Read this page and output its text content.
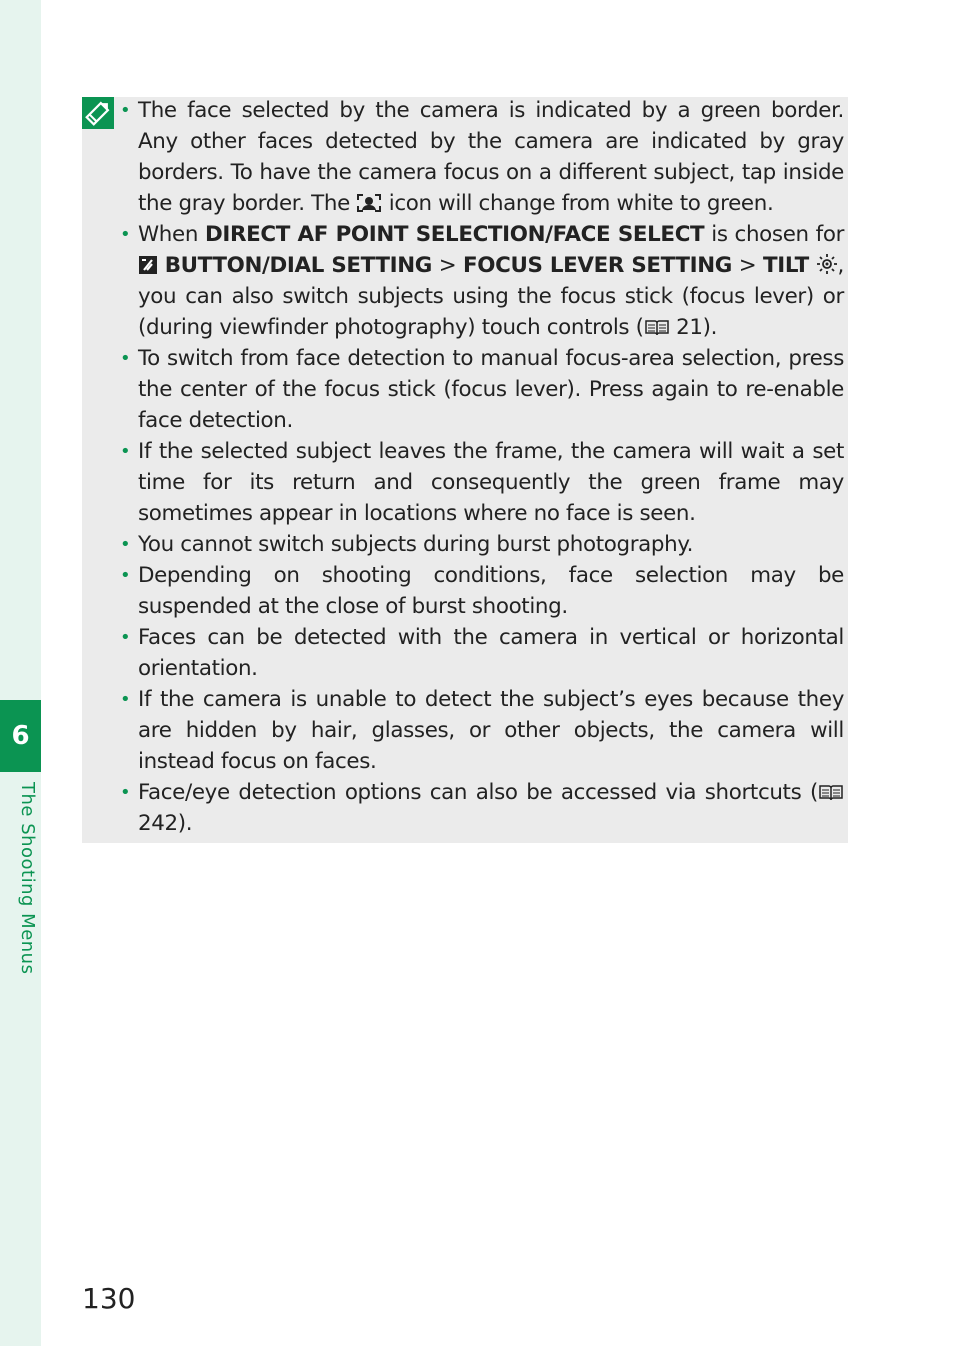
6
The Shooting Menus
• The face selected by the camera is indicated by a green border. Any other faces detected by the camera are indicated by gray borders. To have the camera focus on a different subject, tap inside the gray border. The  icon will change from white to green.
• When DIRECT AF POINT SELECTION/FACE SELECT is chosen for  BUTTON/DIAL SETTING > FOCUS LEVER SETTING > TILT , you can also switch subjects using the focus stick (focus lever) or (during viewfinder photography) touch controls ( 21).
• To switch from face detection to manual focus-area selection, press the center of the focus stick (focus lever). Press again to re-enable face detection.
• If the selected subject leaves the frame, the camera will wait a set time for its return and consequently the green frame may sometimes appear in locations where no face is seen.
• You cannot switch subjects during burst photography.
• Depending on shooting conditions, face selection may be suspended at the close of burst shooting.
• Faces can be detected with the camera in vertical or horizontal orientation.
• If the camera is unable to detect the subject’s eyes because they are hidden by hair, glasses, or other objects, the camera will instead focus on faces.
• Face/eye detection options can also be accessed via shortcuts ( 242).
130
